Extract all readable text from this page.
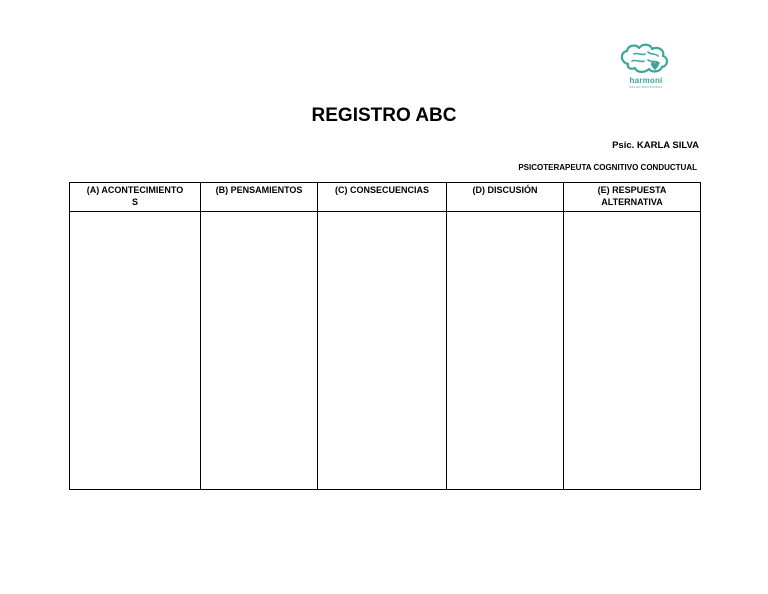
harmoni
SALUD EMOCIONAL
REGISTRO ABC
Psic. KARLA SILVA
PSICOTERAPEUTA COGNITIVO CONDUCTUAL
(A) ACONTECIMIENTO S	(B) PENSAMIENTOS	(C) CONSECUENCIAS	(D) DISCUSIÓN	(E) RESPUESTA ALTERNATIVA
